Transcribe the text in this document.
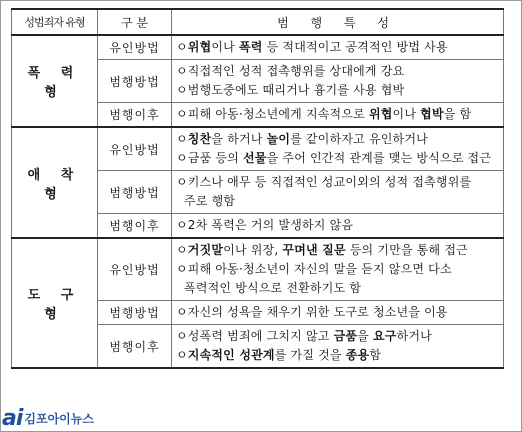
성범죄자 유형	구 분	범 행 특 성
폭 력 형	유인방법	ㅇ위협이나 폭력 등 적대적이고 공격적인 방법 사용

	범행방법	ㅇ직접적인 성적 접촉행위를 상대에게 강요
ㅇ범행도중에도 때리거나 흉기를 사용 협박

	범행이후	ㅇ피해 아동·청소년에게 지속적으로 위협이나 협박을 함

애 착 형	유인방법	ㅇ칭찬을 하거나 놀이를 같이하자고 유인하거나
ㅇ금품 등의 선물을 주어 인간적 관계를 맺는 방식으로 접근

	범행방법	ㅇ키스나 애무 등 직접적인 성교이외의 성적 접촉행위를
주로 행함

	범행이후	ㅇ2차 폭력은 거의 발생하지 않음

도 구 형	유인방법	ㅇ거짓말이나 위장, 꾸며낸 질문 등의 기만을 통해 접근
ㅇ피해 아동·청소년이 자신의 말을 듣지 않으면 다소
폭력적인 방식으로 전환하기도 함

	범행방법	ㅇ자신의 성욕을 채우기 위한 도구로 청소년을 이용

	범행이후	ㅇ성폭력 범죄에 그치지 않고 금품을 요구하거나
ㅇ지속적인 성관계를 가질 것을 종용함
ai 김포아이뉴스
